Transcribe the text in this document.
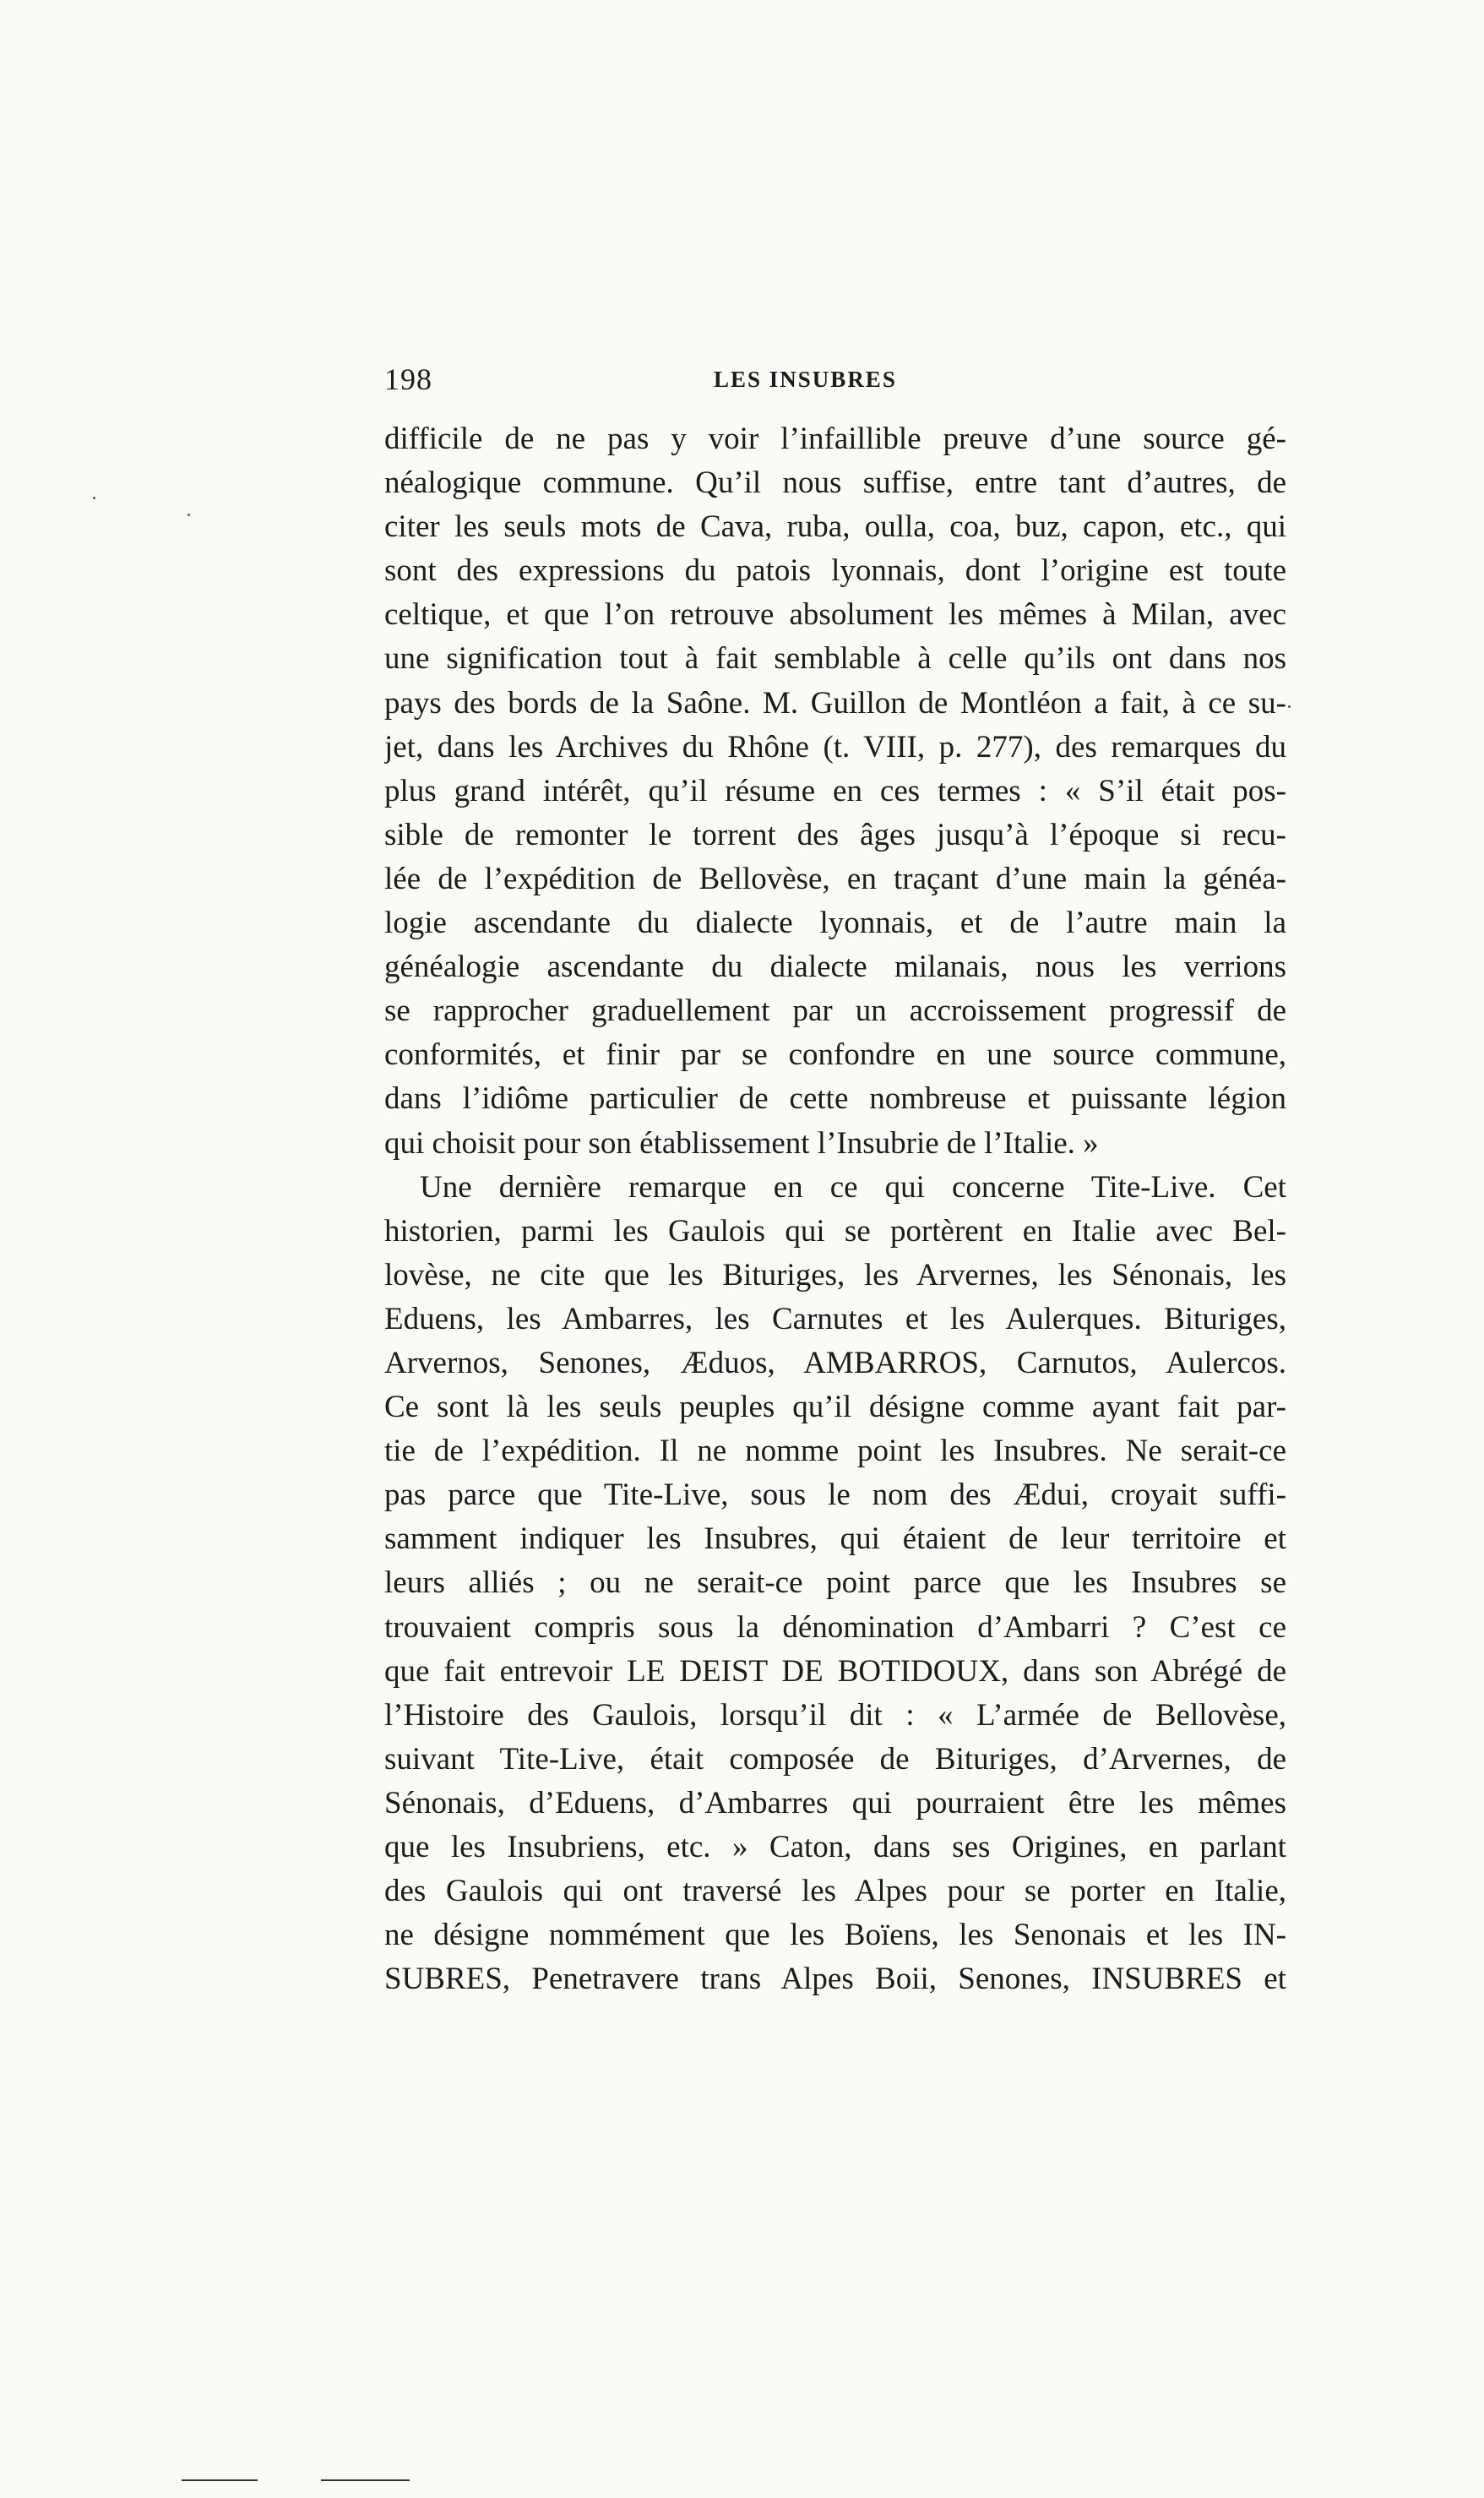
198	LES INSUBRES
difficile de ne pas y voir l’infaillible preuve d’une source gé-
néalogique commune. Qu’il nous suffise, entre tant d’autres, de
citer les seuls mots de Cava, ruba, oulla, coa, buz, capon, etc., qui
sont des expressions du patois lyonnais, dont l’origine est toute
celtique, et que l’on retrouve absolument les mêmes à Milan, avec
une signification tout à fait semblable à celle qu’ils ont dans nos
pays des bords de la Saône. M. Guillon de Montléon a fait, à ce su-
jet, dans les Archives du Rhône (t. VIII, p. 277), des remarques du
plus grand intérêt, qu’il résume en ces termes : « S’il était pos-
sible de remonter le torrent des âges jusqu’à l’époque si recu-
lée de l’expédition de Bellovèse, en traçant d’une main la généa-
logie ascendante du dialecte lyonnais, et de l’autre main la
généalogie ascendante du dialecte milanais, nous les verrions
se rapprocher graduellement par un accroissement progressif de
conformités, et finir par se confondre en une source commune,
dans l’idiôme particulier de cette nombreuse et puissante légion
qui choisit pour son établissement l’Insubrie de l’Italie. »
Une dernière remarque en ce qui concerne Tite-Live. Cet
historien, parmi les Gaulois qui se portèrent en Italie avec Bel-
lovèse, ne cite que les Bituriges, les Arvernes, les Sénonais, les
Eduens, les Ambarres, les Carnutes et les Aulerques. Bituriges,
Arvernos, Senones, Æduos, AMBARROS, Carnutos, Aulercos.
Ce sont là les seuls peuples qu’il désigne comme ayant fait par-
tie de l’expédition. Il ne nomme point les Insubres. Ne serait-ce
pas parce que Tite-Live, sous le nom des Ædui, croyait suffi-
samment indiquer les Insubres, qui étaient de leur territoire et
leurs alliés ; ou ne serait-ce point parce que les Insubres se
trouvaient compris sous la dénomination d’Ambarri ? C’est ce
que fait entrevoir LE DEIST DE BOTIDOUX, dans son Abrégé de
l’Histoire des Gaulois, lorsqu’il dit : « L’armée de Bellovèse,
suivant Tite-Live, était composée de Bituriges, d’Arvernes, de
Sénonais, d’Eduens, d’Ambarres qui pourraient être les mêmes
que les Insubriens, etc. » Caton, dans ses Origines, en parlant
des Gaulois qui ont traversé les Alpes pour se porter en Italie,
ne désigne nommément que les Boïens, les Senonais et les IN-
SUBRES, Penetravere trans Alpes Boii, Senones, INSUBRES et
